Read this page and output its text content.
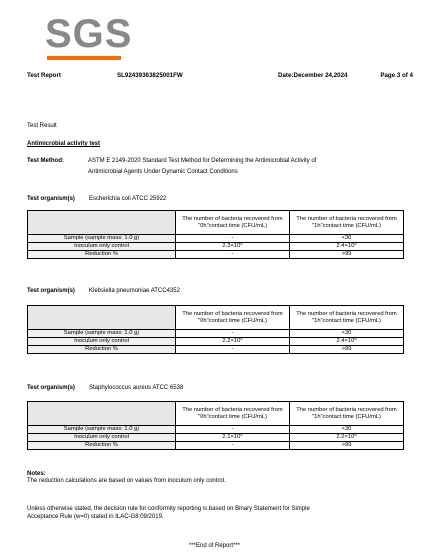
SGS
Test Report	SL92439363825001FW	Date:December 24,2024	Page 3 of 4
Test Result
Antimicrobial activity test
Test Method:	ASTM E 2149-2020 Standard Test Method for Determining the Antimicrobial Activity of
Antimicrobial Agents Under Dynamic Contact Conditions
Test organism(s) Escherichia coli ATCC 25922
	The number of bacteria recovered from "0h"contact time (CFU/mL)	The number of bacteria recovered from "1h"contact time (CFU/mL)
Sample (sample mass: 1.0 g)	-	<30
Inoculum only control	$2.3\times 10^5$	$2.4\times 10^5$
Reduction %	-	>99
Test organism(s) Klebsiella pneumoniae ATCC4352
	The number of bacteria recovered from "0h"contact time (CFU/mL)	The number of bacteria recovered from "1h"contact time (CFU/mL)
Sample (sample mass: 1.0 g)	-	<30
Inoculum only control	$2.2\times 10^5$	$2.4\times 10^5$
Reduction %	-	>99
Test organism(s) Staphylococcus aureus ATCC 6538
	The number of bacteria recovered from "0h"contact time (CFU/mL)	The number of bacteria recovered from "1h"contact time (CFU/mL)
Sample (sample mass: 1.0 g)	-	<30
Inoculum only control	$2.1\times 10^5$	$2.2\times 10^5$
Reduction %	-	>99
Notes:
The reduction calculations are based on values from inoculum only control.
Unless otherwise stated, the decision rule for conformity reporting is based on Binary Statement for Simple
Acceptance Rule (w=0) stated in ILAC-G8:09/2019.
***End of Report***
